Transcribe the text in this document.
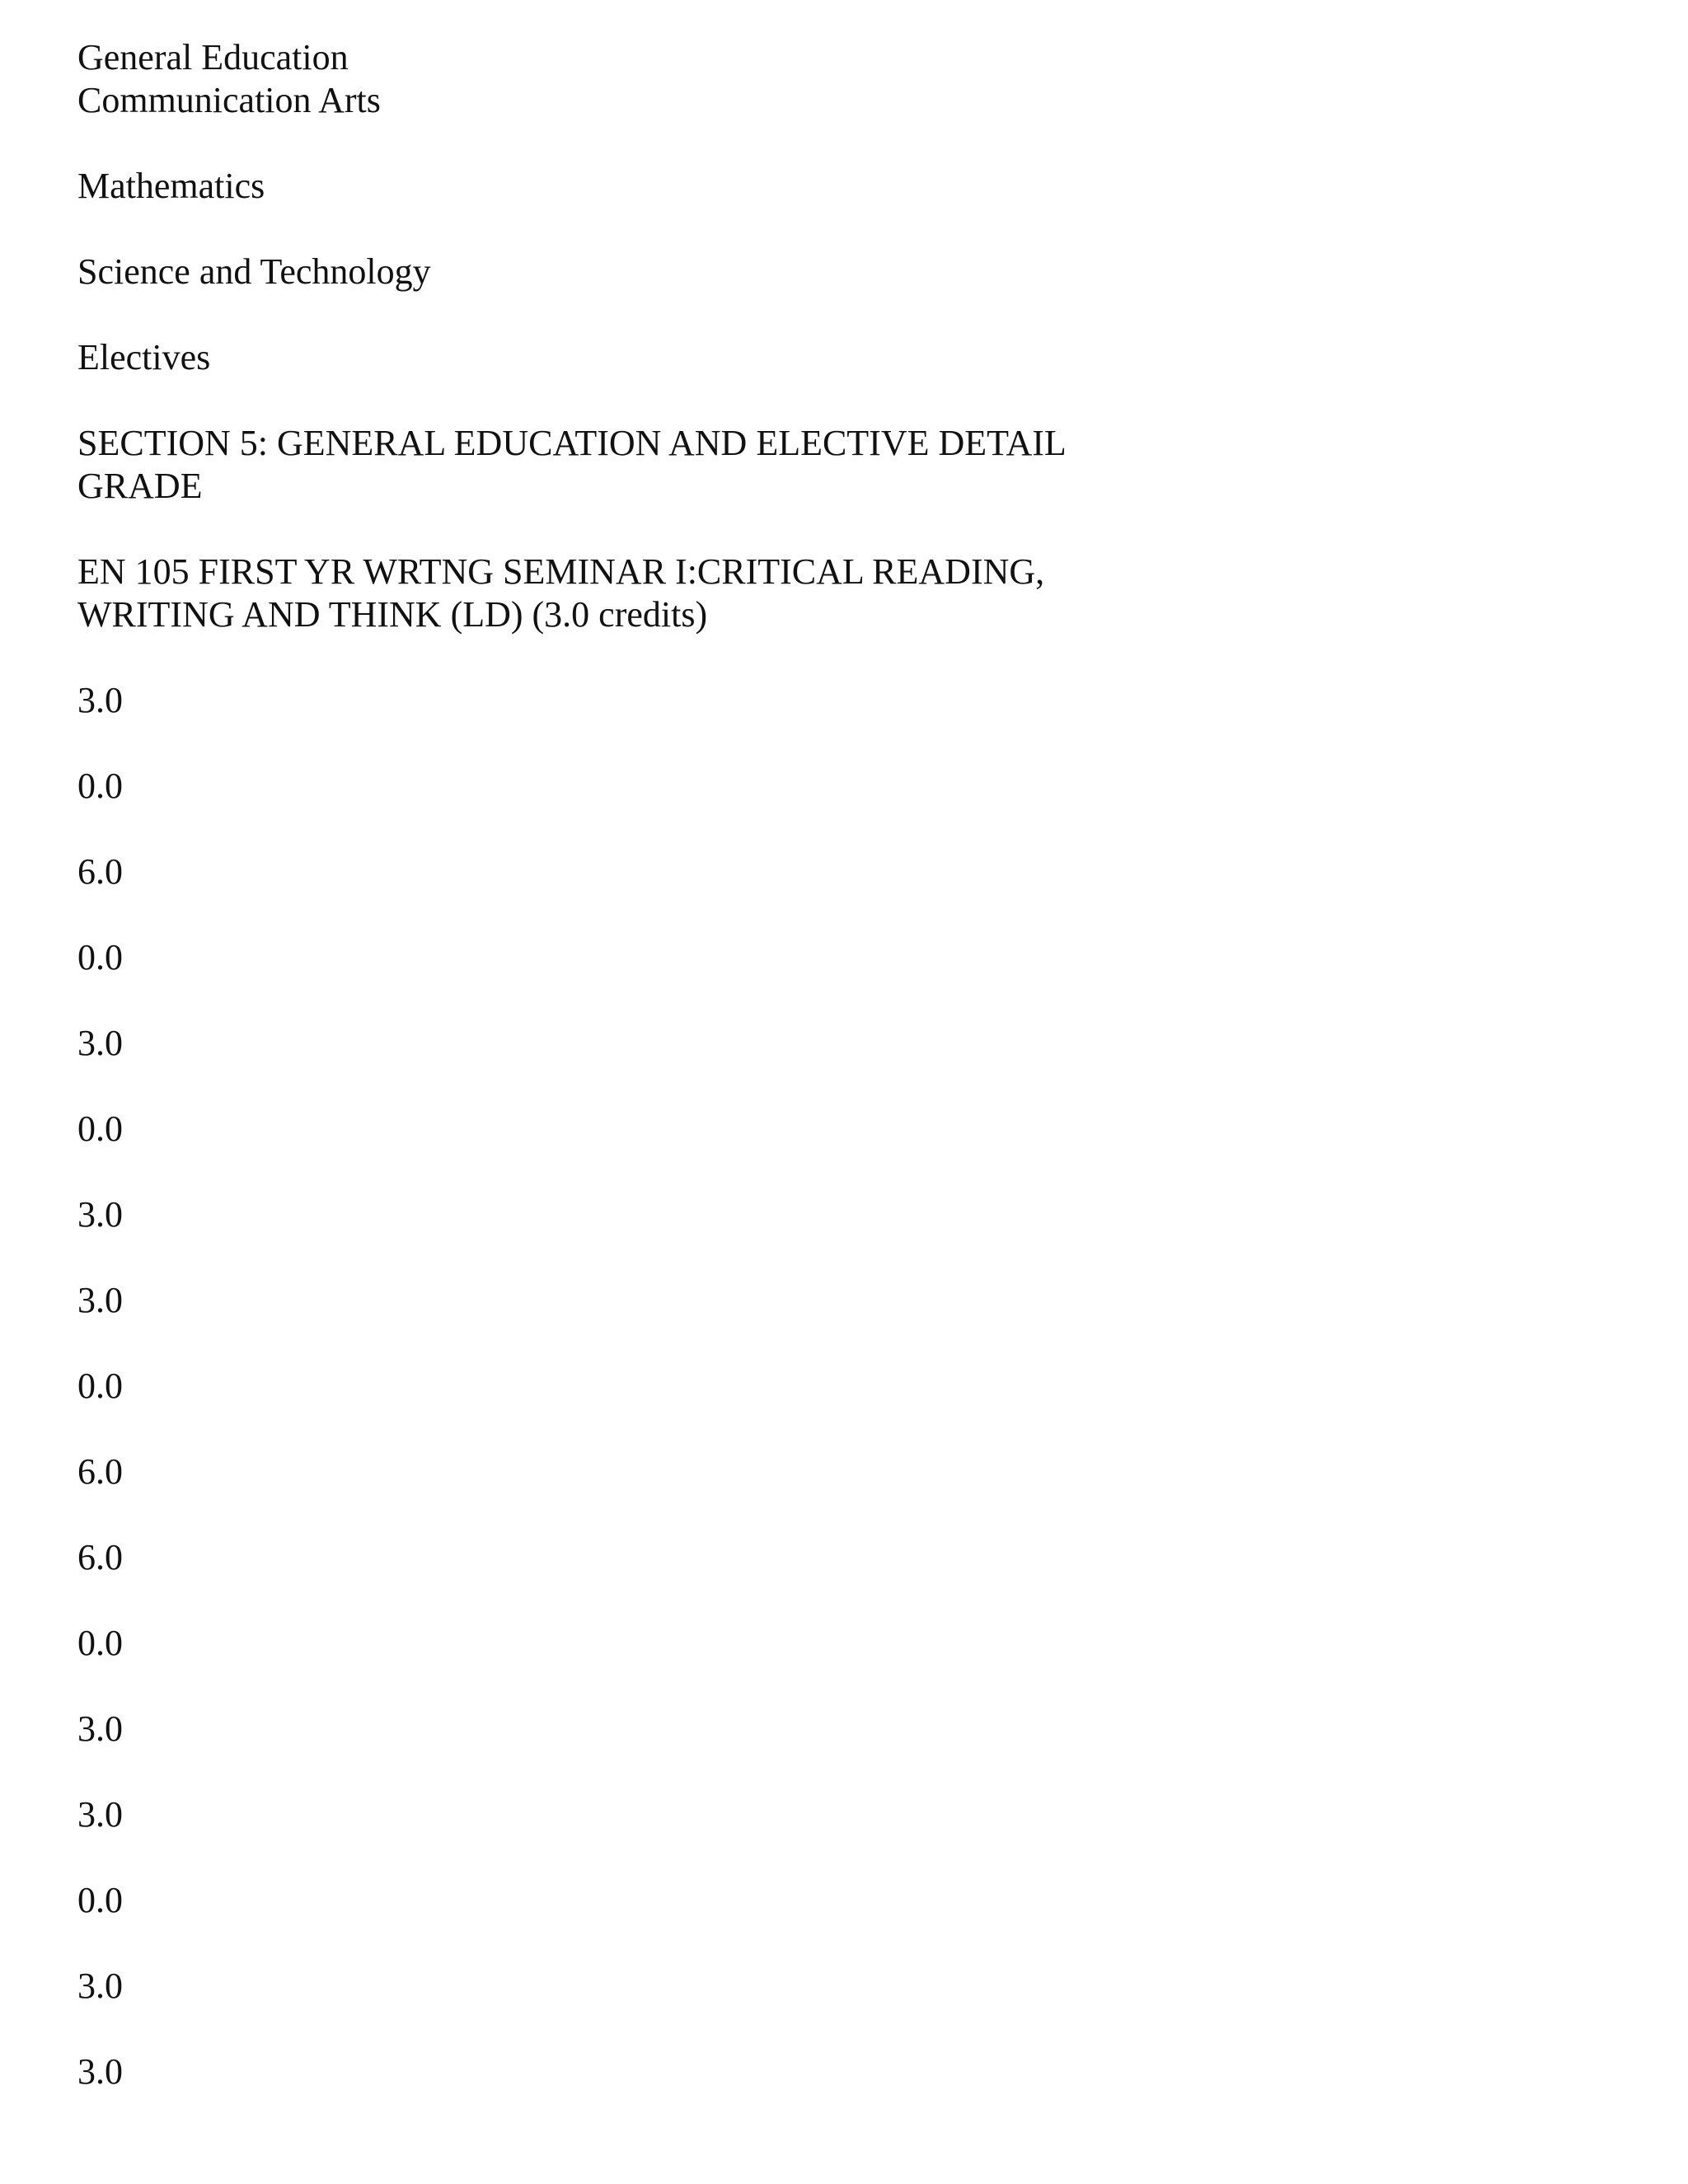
General Education

Communication Arts

Mathematics

Science and Technology

Electives

SECTION 5: GENERAL EDUCATION AND ELECTIVE DETAIL

GRADE

EN 105 FIRST YR WRTNG SEMINAR I:CRITICAL READING,

WRITING AND THINK (LD) (3.0 credits)

3.0

0.0

6.0

0.0

3.0

0.0

3.0

3.0

0.0

6.0

6.0

0.0

3.0

3.0

0.0

3.0

3.0
